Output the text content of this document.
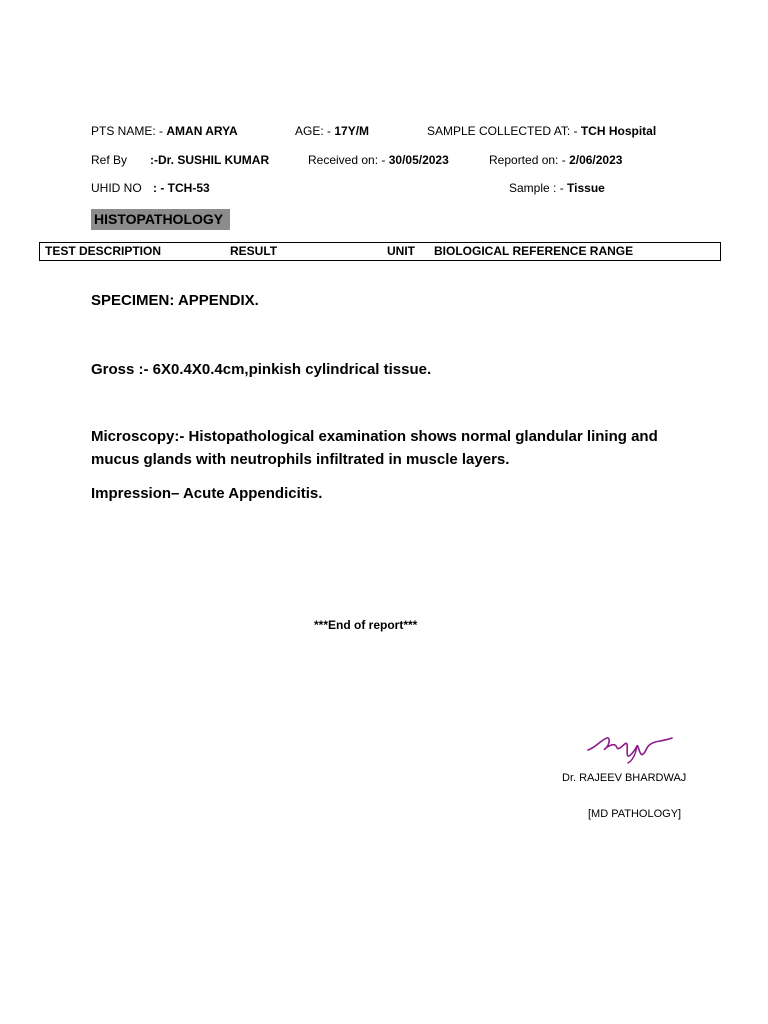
PTS NAME: - AMAN ARYA	AGE: - 17Y/M	SAMPLE COLLECTED AT: - TCH Hospital
Ref By :-Dr. SUSHIL KUMAR	Received on: - 30/05/2023	Reported on: - 2/06/2023
UHID NO : - TCH-53	Sample : - Tissue
HISTOPATHOLOGY
TEST DESCRIPTION	RESULT	UNIT BIOLOGICAL REFERENCE RANGE
SPECIMEN: APPENDIX.
Gross :- 6X0.4X0.4cm,pinkish cylindrical tissue.
Microscopy:- Histopathological examination shows normal glandular lining and
mucus glands with neutrophils infiltrated in muscle layers.
Impression– Acute Appendicitis.
***End of report***
Dr. RAJEEV BHARDWAJ
[MD PATHOLOGY]
